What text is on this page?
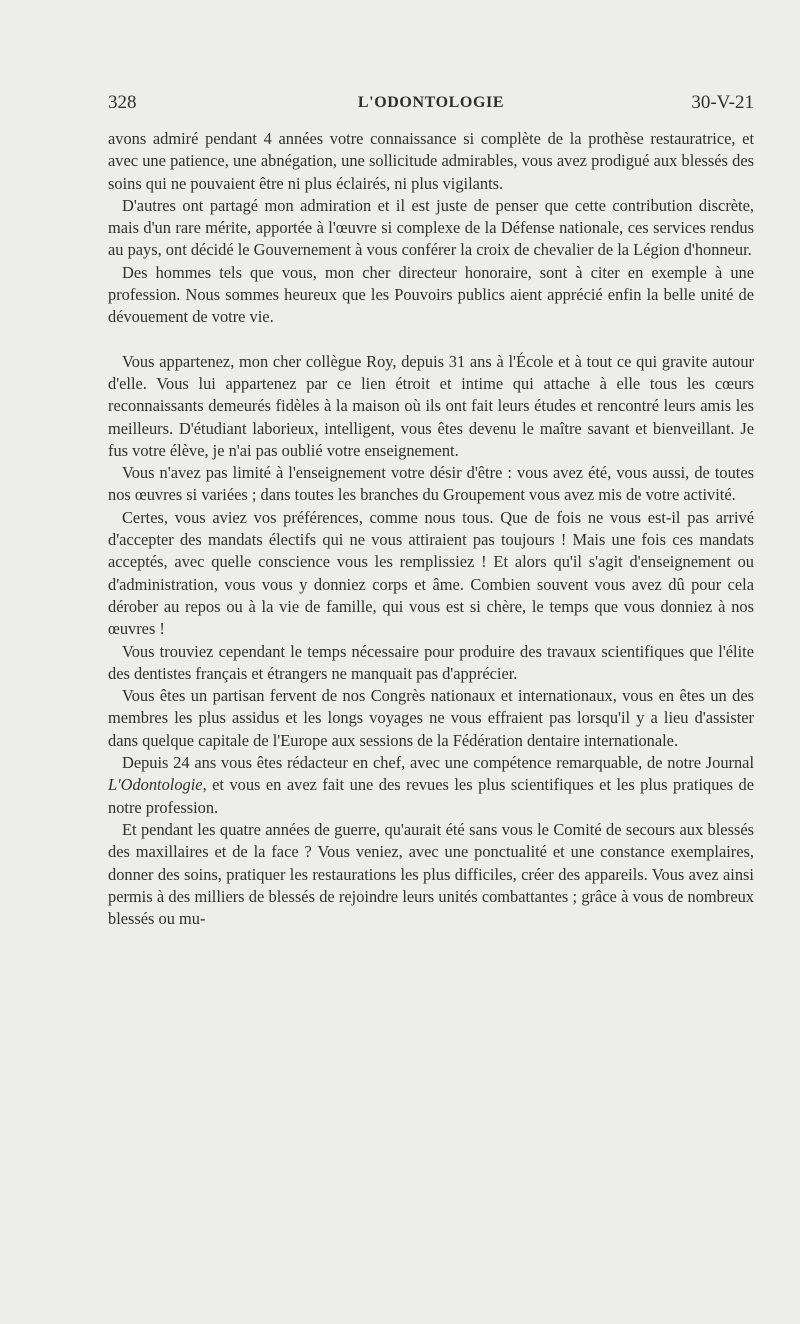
328	L'ODONTOLOGIE	30-V-21

avons admiré pendant 4 années votre connaissance si complète de la prothèse restauratrice, et avec une patience, une abnégation, une sollicitude admirables, vous avez prodigué aux blessés des soins qui ne pouvaient être ni plus éclairés, ni plus vigilants.

D'autres ont partagé mon admiration et il est juste de penser que cette contribution discrète, mais d'un rare mérite, apportée à l'œuvre si complexe de la Défense nationale, ces services rendus au pays, ont décidé le Gouvernement à vous conférer la croix de chevalier de la Légion d'honneur.

Des hommes tels que vous, mon cher directeur honoraire, sont à citer en exemple à une profession. Nous sommes heureux que les Pouvoirs publics aient apprécié enfin la belle unité de dévouement de votre vie.

Vous appartenez, mon cher collègue Roy, depuis 31 ans à l'École et à tout ce qui gravite autour d'elle. Vous lui appartenez par ce lien étroit et intime qui attache à elle tous les cœurs reconnaissants demeurés fidèles à la maison où ils ont fait leurs études et rencontré leurs amis les meilleurs. D'étudiant laborieux, intelligent, vous êtes devenu le maître savant et bienveillant. Je fus votre élève, je n'ai pas oublié votre enseignement.

Vous n'avez pas limité à l'enseignement votre désir d'être : vous avez été, vous aussi, de toutes nos œuvres si variées ; dans toutes les branches du Groupement vous avez mis de votre activité.

Certes, vous aviez vos préférences, comme nous tous. Que de fois ne vous est-il pas arrivé d'accepter des mandats électifs qui ne vous attiraient pas toujours ! Mais une fois ces mandats acceptés, avec quelle conscience vous les remplissiez ! Et alors qu'il s'agit d'enseignement ou d'administration, vous vous y donniez corps et âme. Combien souvent vous avez dû pour cela dérober au repos ou à la vie de famille, qui vous est si chère, le temps que vous donniez à nos œuvres !

Vous trouviez cependant le temps nécessaire pour produire des travaux scientifiques que l'élite des dentistes français et étrangers ne manquait pas d'apprécier.

Vous êtes un partisan fervent de nos Congrès nationaux et internationaux, vous en êtes un des membres les plus assidus et les longs voyages ne vous effraient pas lorsqu'il y a lieu d'assister dans quelque capitale de l'Europe aux sessions de la Fédération dentaire internationale.

Depuis 24 ans vous êtes rédacteur en chef, avec une compétence remarquable, de notre Journal L'Odontologie, et vous en avez fait une des revues les plus scientifiques et les plus pratiques de notre profession.

Et pendant les quatre années de guerre, qu'aurait été sans vous le Comité de secours aux blessés des maxillaires et de la face ? Vous veniez, avec une ponctualité et une constance exemplaires, donner des soins, pratiquer les restaurations les plus difficiles, créer des appareils. Vous avez ainsi permis à des milliers de blessés de rejoindre leurs unités combattantes ; grâce à vous de nombreux blessés ou mu-
